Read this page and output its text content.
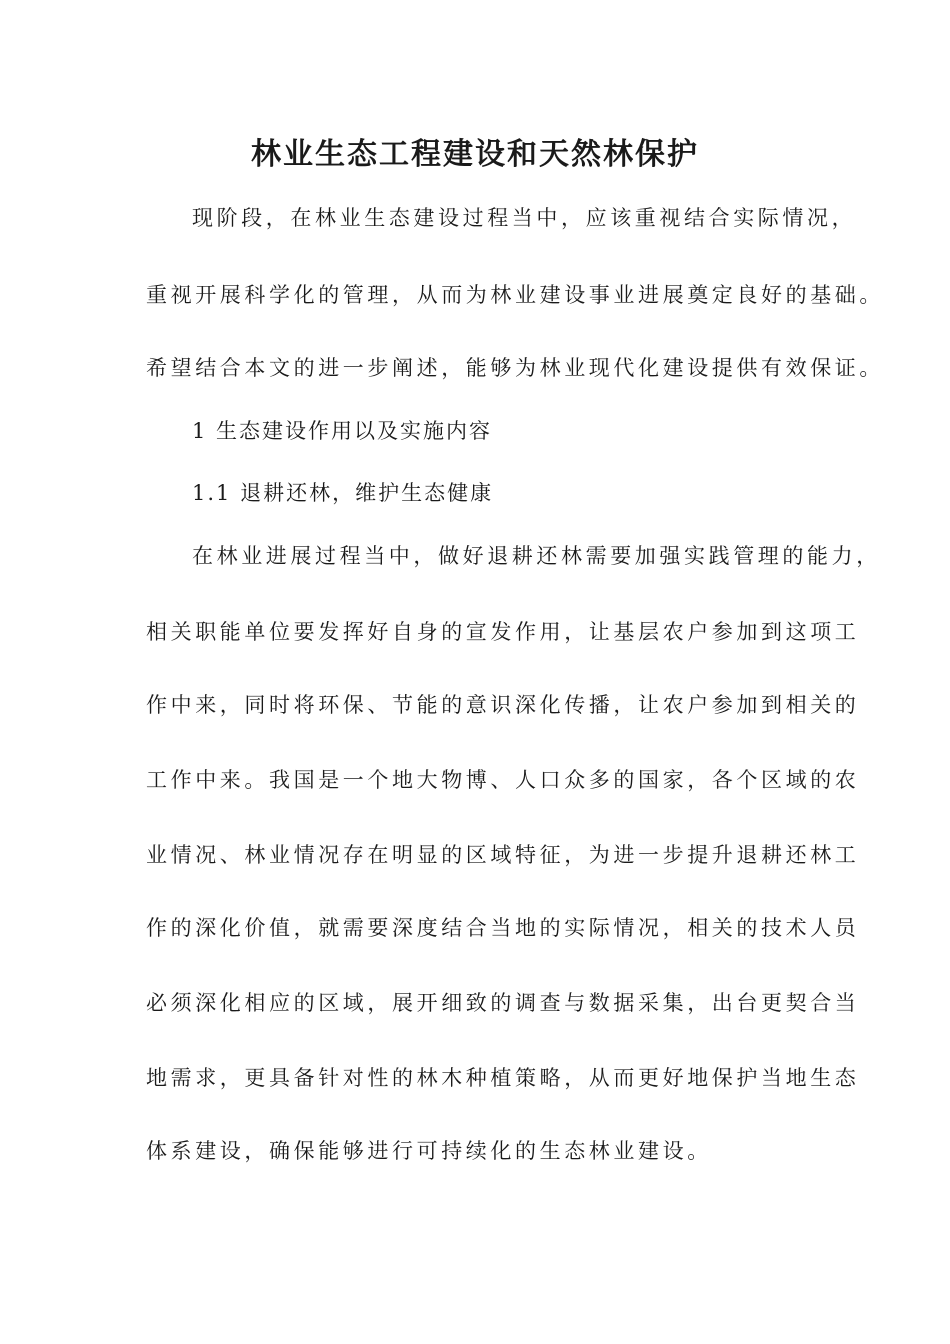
林业生态工程建设和天然林保护
现阶段，在林业生态建设过程当中，应该重视结合实际情况，
重视开展科学化的管理，从而为林业建设事业进展奠定良好的基础。
希望结合本文的进一步阐述，能够为林业现代化建设提供有效保证。
1 生态建设作用以及实施内容
1.1 退耕还林，维护生态健康
在林业进展过程当中，做好退耕还林需要加强实践管理的能力，
相关职能单位要发挥好自身的宣发作用，让基层农户参加到这项工
作中来，同时将环保、节能的意识深化传播，让农户参加到相关的
工作中来。我国是一个地大物博、人口众多的国家，各个区域的农
业情况、林业情况存在明显的区域特征，为进一步提升退耕还林工
作的深化价值，就需要深度结合当地的实际情况，相关的技术人员
必须深化相应的区域，展开细致的调查与数据采集，出台更契合当
地需求，更具备针对性的林木种植策略，从而更好地保护当地生态
体系建设，确保能够进行可持续化的生态林业建设。
